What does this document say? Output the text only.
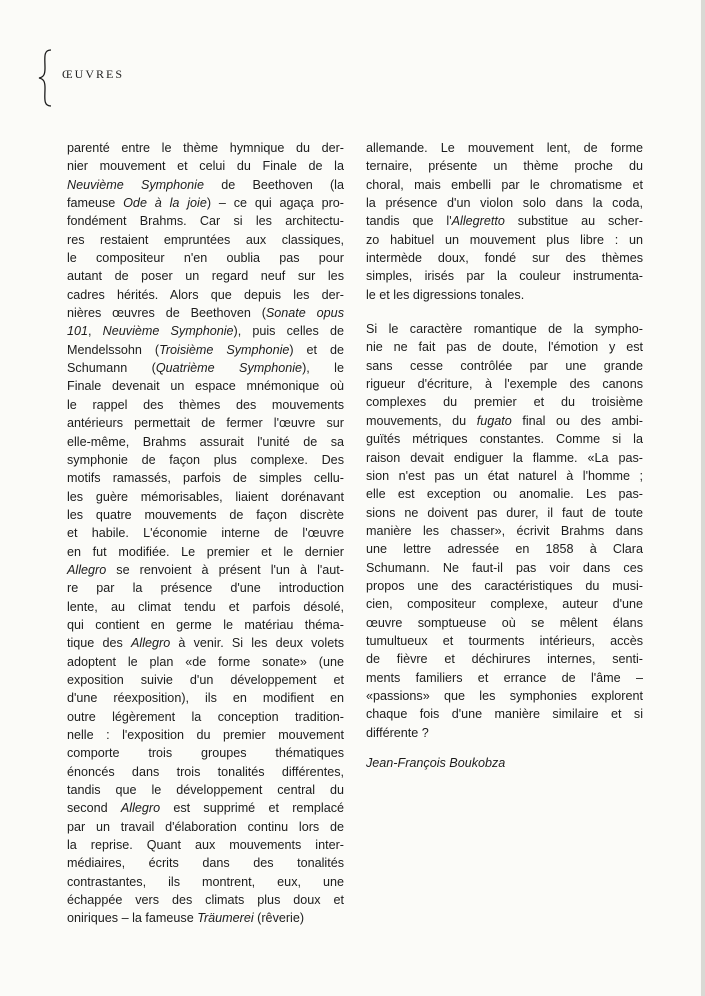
ŒUVRES

parenté entre le thème hymnique du der-
nier mouvement et celui du Finale de la
Neuvième Symphonie de Beethoven (la
fameuse Ode à la joie) – ce qui agaça pro-
fondément Brahms. Car si les architectu-
res restaient empruntées aux classiques,
le compositeur n'en oublia pas pour
autant de poser un regard neuf sur les
cadres hérités. Alors que depuis les der-
nières œuvres de Beethoven (Sonate opus
101, Neuvième Symphonie), puis celles de
Mendelssohn (Troisième Symphonie) et de
Schumann (Quatrième Symphonie), le
Finale devenait un espace mnémonique où
le rappel des thèmes des mouvements
antérieurs permettait de fermer l'œuvre sur
elle-même, Brahms assurait l'unité de sa
symphonie de façon plus complexe. Des
motifs ramassés, parfois de simples cellu-
les guère mémorisables, liaient dorénavant
les quatre mouvements de façon discrète
et habile. L'économie interne de l'œuvre
en fut modifiée. Le premier et le dernier
Allegro se renvoient à présent l'un à l'aut-
re par la présence d'une introduction
lente, au climat tendu et parfois désolé,
qui contient en germe le matériau théma-
tique des Allegro à venir. Si les deux volets
adoptent le plan «de forme sonate» (une
exposition suivie d'un développement et
d'une réexposition), ils en modifient en
outre légèrement la conception tradition-
nelle : l'exposition du premier mouvement
comporte trois groupes thématiques
énoncés dans trois tonalités différentes,
tandis que le développement central du
second Allegro est supprimé et remplacé
par un travail d'élaboration continu lors de
la reprise. Quant aux mouvements inter-
médiaires, écrits dans des tonalités
contrastantes, ils montrent, eux, une
échappée vers des climats plus doux et
oniriques – la fameuse Träumerei (rêverie)

allemande. Le mouvement lent, de forme
ternaire, présente un thème proche du
choral, mais embelli par le chromatisme et
la présence d'un violon solo dans la coda,
tandis que l'Allegretto substitue au scher-
zo habituel un mouvement plus libre : un
intermède doux, fondé sur des thèmes
simples, irisés par la couleur instrumenta-
le et les digressions tonales.

Si le caractère romantique de la sympho-
nie ne fait pas de doute, l'émotion y est
sans cesse contrôlée par une grande
rigueur d'écriture, à l'exemple des canons
complexes du premier et du troisième
mouvements, du fugato final ou des ambi-
guïtés métriques constantes. Comme si la
raison devait endiguer la flamme. «La pas-
sion n'est pas un état naturel à l'homme ;
elle est exception ou anomalie. Les pas-
sions ne doivent pas durer, il faut de toute
manière les chasser», écrivit Brahms dans
une lettre adressée en 1858 à Clara
Schumann. Ne faut-il pas voir dans ces
propos une des caractéristiques du musi-
cien, compositeur complexe, auteur d'une
œuvre somptueuse où se mêlent élans
tumultueux et tourments intérieurs, accès
de fièvre et déchirures internes, senti-
ments familiers et errance de l'âme –
«passions» que les symphonies explorent
chaque fois d'une manière similaire et si
différente ?

Jean-François Boukobza
